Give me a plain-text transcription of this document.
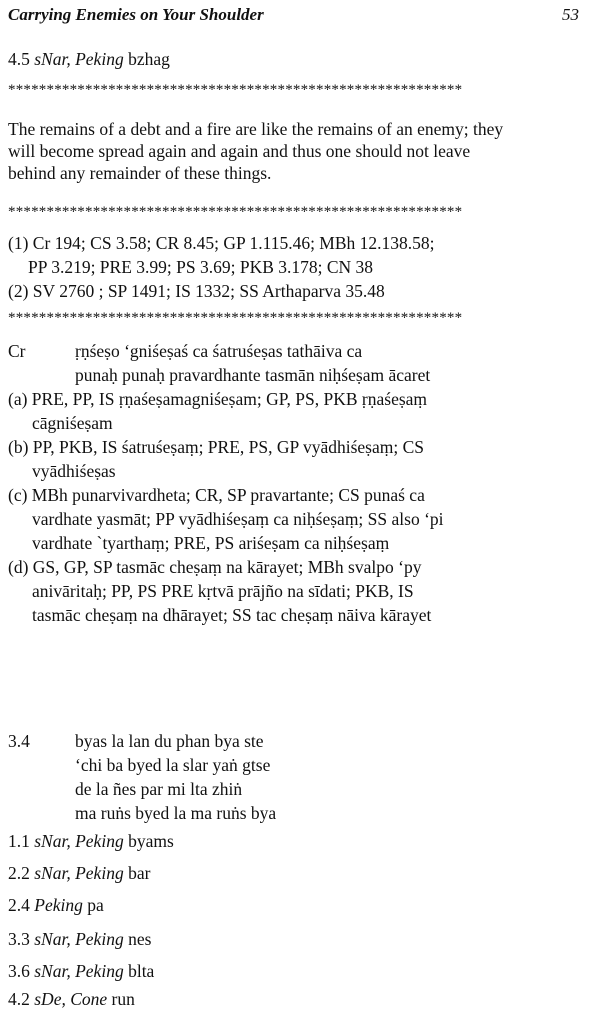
Carrying Enemies on Your Shoulder	53
4.5 sNar, Peking bzhag
***********************************************************
The remains of a debt and a fire are like the remains of an enemy; they
will become spread again and again and thus one should not leave
behind any remainder of these things.
***********************************************************
(1) Cr 194; CS 3.58; CR 8.45; GP 1.115.46; MBh 12.138.58;
PP 3.219; PRE 3.99; PS 3.69; PKB 3.178; CN 38
(2) SV 2760 ; SP 1491; IS 1332; SS Arthaparva 35.48
***********************************************************
Cr	ṛṇśeṣo ‘gniśeṣaś ca śatruśeṣas tathāiva ca
punaḥ punaḥ pravardhante tasmān niḥśeṣam ācaret
(a) PRE, PP, IS ṛṇaśeṣamagniśeṣam; GP, PS, PKB ṛṇaśeṣaṃ
cāgniśeṣam
(b) PP, PKB, IS śatruśeṣaṃ; PRE, PS, GP vyādhiśeṣaṃ; CS
vyādhiśeṣas
(c) MBh punarvivardheta; CR, SP pravartante; CS punaś ca
vardhate yasmāt; PP vyādhiśeṣaṃ ca niḥśeṣaṃ; SS also ‘pi
vardhate `tyarthaṃ; PRE, PS ariśeṣam ca niḥśeṣaṃ
(d) GS, GP, SP tasmāc cheṣaṃ na kārayet; MBh svalpo ‘py
anivāritaḥ; PP, PS PRE kṛtvā prājño na sīdati; PKB, IS
tasmāc cheṣaṃ na dhārayet; SS tac cheṣaṃ nāiva kārayet
3.4	byas la lan du phan bya ste
‘chi ba byed la slar yaṅ gtse
de la ñes par mi lta zhiṅ
ma ruṅs byed la ma ruṅs bya
1.1 sNar, Peking byams
2.2 sNar, Peking bar
2.4 Peking pa
3.3 sNar, Peking nes
3.6 sNar, Peking blta
4.2 sDe, Cone run
